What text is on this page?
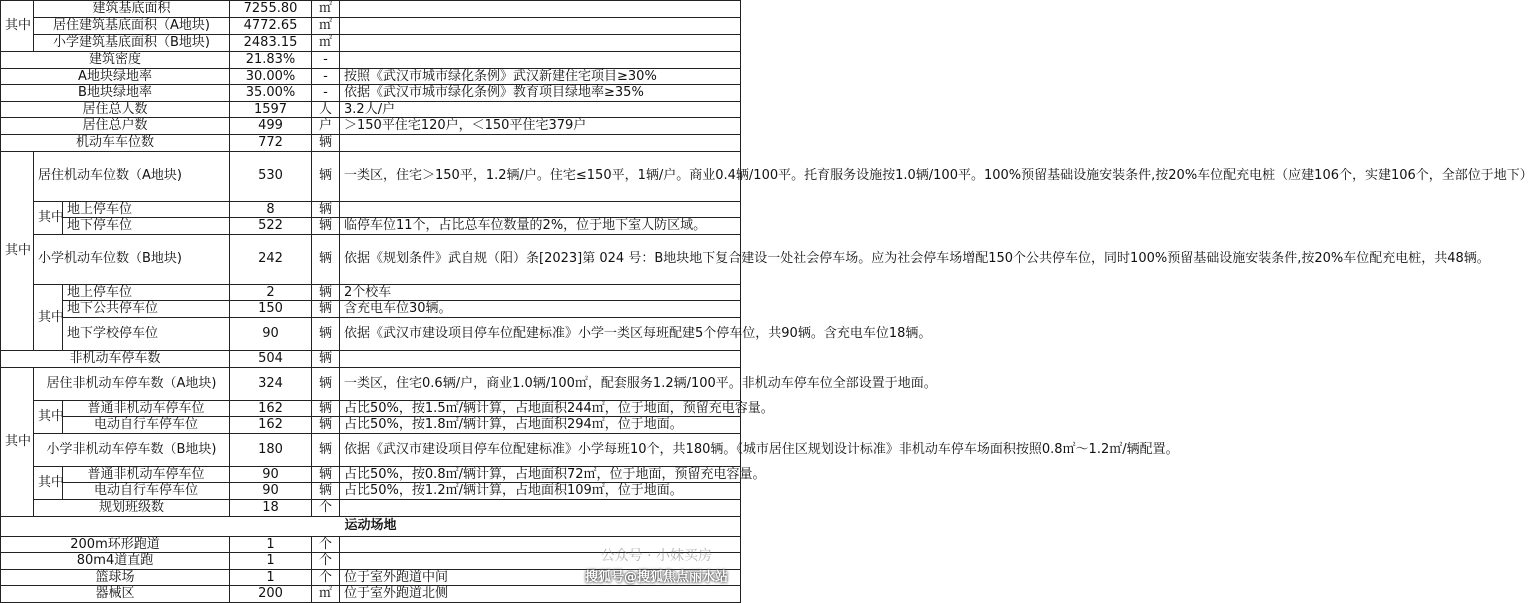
其中	建筑基底面积		7255.80	㎡	
	居住建筑基底面积（A地块)		4772.65	㎡	
	小学建筑基底面积（B地块)		2483.15	㎡	
建筑密度			21.83%	-	
A地块绿地率			30.00%	-	按照《武汉市城市绿化条例》武汉新建住宅项目≥30%
B地块绿地率			35.00%	-	依据《武汉市城市绿化条例》教育项目绿地率≥35%
居住总人数			1597	人	3.2人/户
居住总户数			499	户	＞150平住宅120户，＜150平住宅379户
机动车车位数			772	辆	
其中	居住机动车位数（A地块)		530	辆	一类区，住宅＞150平，1.2辆/户。住宅≤150平，1辆/户。商业0.4辆/100平。托育服务设施按1.0辆/100平。100%预留基础设施安装条件,按20%车位配充电桩（应建106个，实建106个，全部位于地下）
	其中	地上停车位	8	辆	
		地下停车位	522	辆	临停车位11个，占比总车位数量的2%，位于地下室人防区域。
	小学机动车位数（B地块)		242	辆	依据《规划条件》武自规（阳）条[2023]第 024 号：B地块地下复合建设一处社会停车场。应为社会停车场增配150个公共停车位，同时100%预留基础设施安装条件,按20%车位配充电桩，共48辆。
	其中	地上停车位	2	辆	2个校车
		地下公共停车位	150	辆	含充电车位30辆。
		地下学校停车位	90	辆	依据《武汉市建设项目停车位配建标准》小学一类区每班配建5个停车位，共90辆。含充电车位18辆。
非机动车停车数			504	辆	
其中	居住非机动车停车数（A地块)		324	辆	一类区，住宅0.6辆/户，商业1.0辆/100㎡，配套服务1.2辆/100平。非机动车停车位全部设置于地面。
	其中	普通非机动车停车位	162	辆	占比50%，按1.5㎡/辆计算，占地面积244㎡，位于地面，预留充电容量。
		电动自行车停车位	162	辆	占比50%，按1.8㎡/辆计算，占地面积294㎡，位于地面。
	小学非机动车停车数（B地块)		180	辆	依据《武汉市建设项目停车位配建标准》小学每班10个，共180辆。《城市居住区规划设计标准》非机动车停车场面积按照0.8㎡～1.2㎡/辆配置。
	其中	普通非机动车停车位	90	辆	占比50%，按0.8㎡/辆计算，占地面积72㎡，位于地面，预留充电容量。
		电动自行车停车位	90	辆	占比50%，按1.2㎡/辆计算，占地面积109㎡，位于地面。
	规划班级数		18	个	
运动场地					
200m环形跑道			1	个	
80m4道直跑			1	个	
篮球场			1	个	位于室外跑道中间
器械区			200	㎡	位于室外跑道北侧
公众号 · 小妹买房
搜狐号@搜狐焦点丽水站
